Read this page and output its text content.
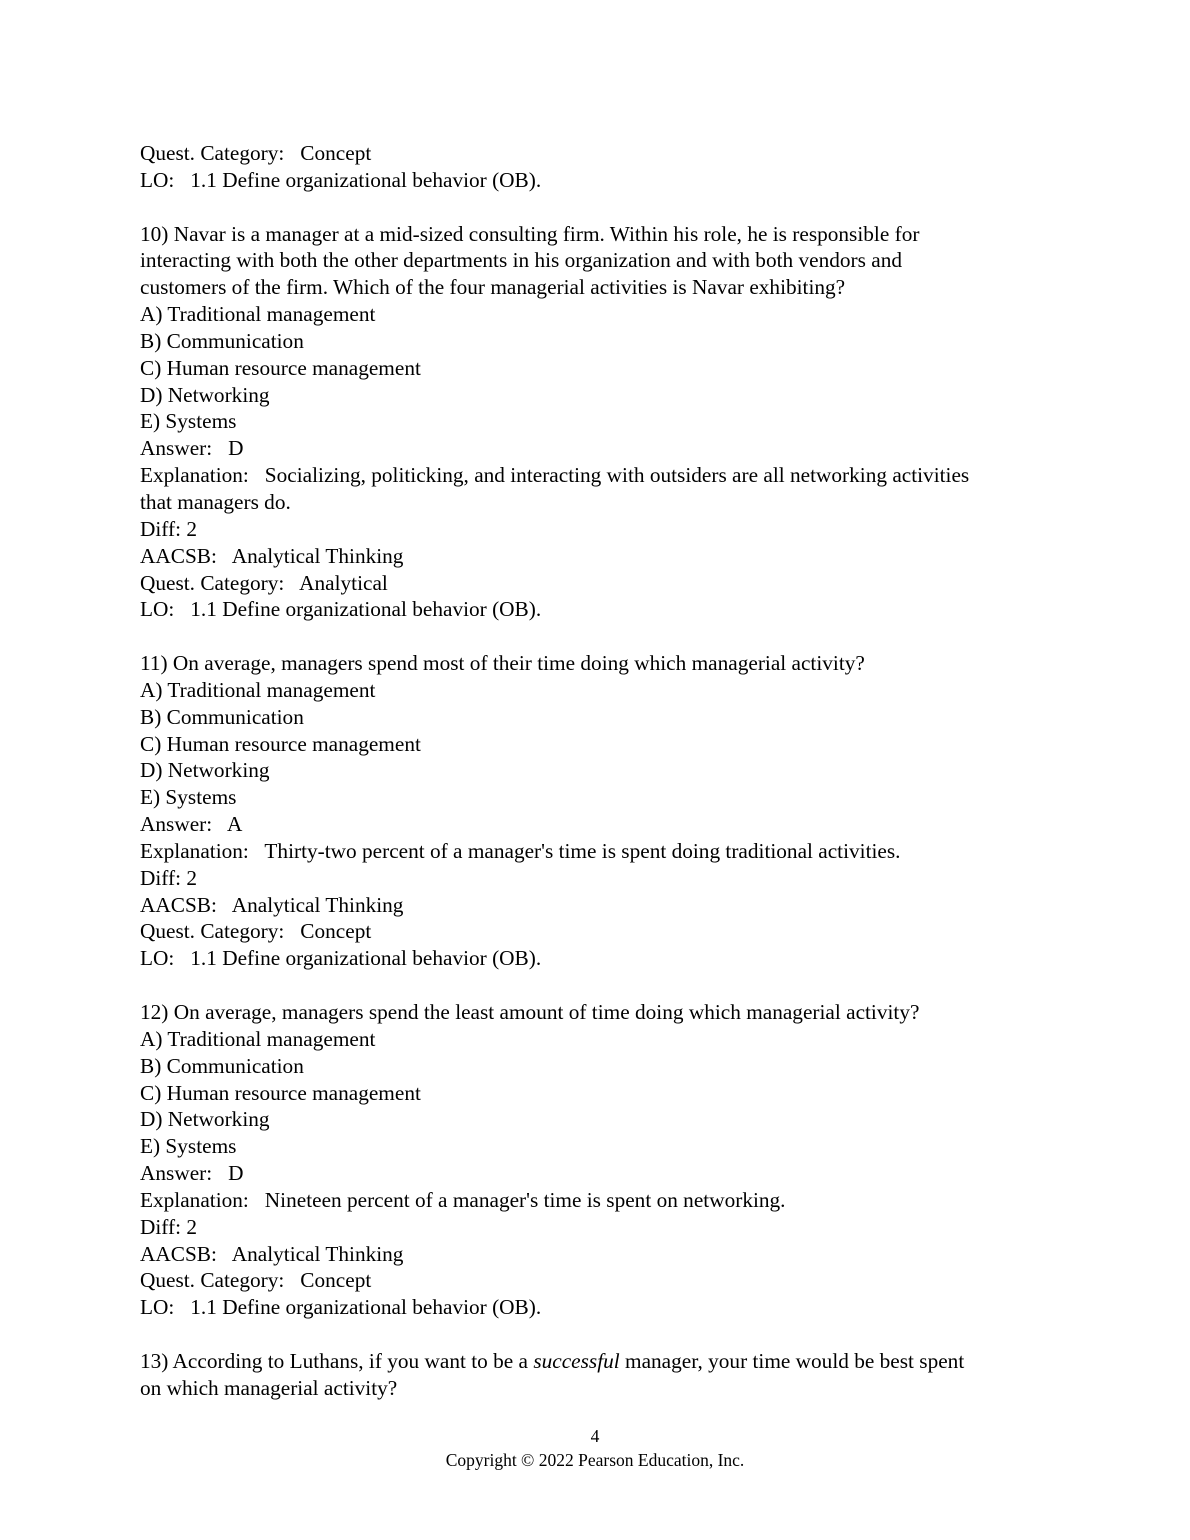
Quest. Category:   Concept
LO:   1.1 Define organizational behavior (OB).
10) Navar is a manager at a mid-sized consulting firm. Within his role, he is responsible for
interacting with both the other departments in his organization and with both vendors and
customers of the firm. Which of the four managerial activities is Navar exhibiting?
A) Traditional management
B) Communication
C) Human resource management
D) Networking
E) Systems
Answer:   D
Explanation:   Socializing, politicking, and interacting with outsiders are all networking activities
that managers do.
Diff: 2
AACSB:   Analytical Thinking
Quest. Category:   Analytical
LO:   1.1 Define organizational behavior (OB).
11) On average, managers spend most of their time doing which managerial activity?
A) Traditional management
B) Communication
C) Human resource management
D) Networking
E) Systems
Answer:   A
Explanation:   Thirty-two percent of a manager's time is spent doing traditional activities.
Diff: 2
AACSB:   Analytical Thinking
Quest. Category:   Concept
LO:   1.1 Define organizational behavior (OB).
12) On average, managers spend the least amount of time doing which managerial activity?
A) Traditional management
B) Communication
C) Human resource management
D) Networking
E) Systems
Answer:   D
Explanation:   Nineteen percent of a manager's time is spent on networking.
Diff: 2
AACSB:   Analytical Thinking
Quest. Category:   Concept
LO:   1.1 Define organizational behavior (OB).
13) According to Luthans, if you want to be a successful manager, your time would be best spent
on which managerial activity?
4
Copyright © 2022 Pearson Education, Inc.
